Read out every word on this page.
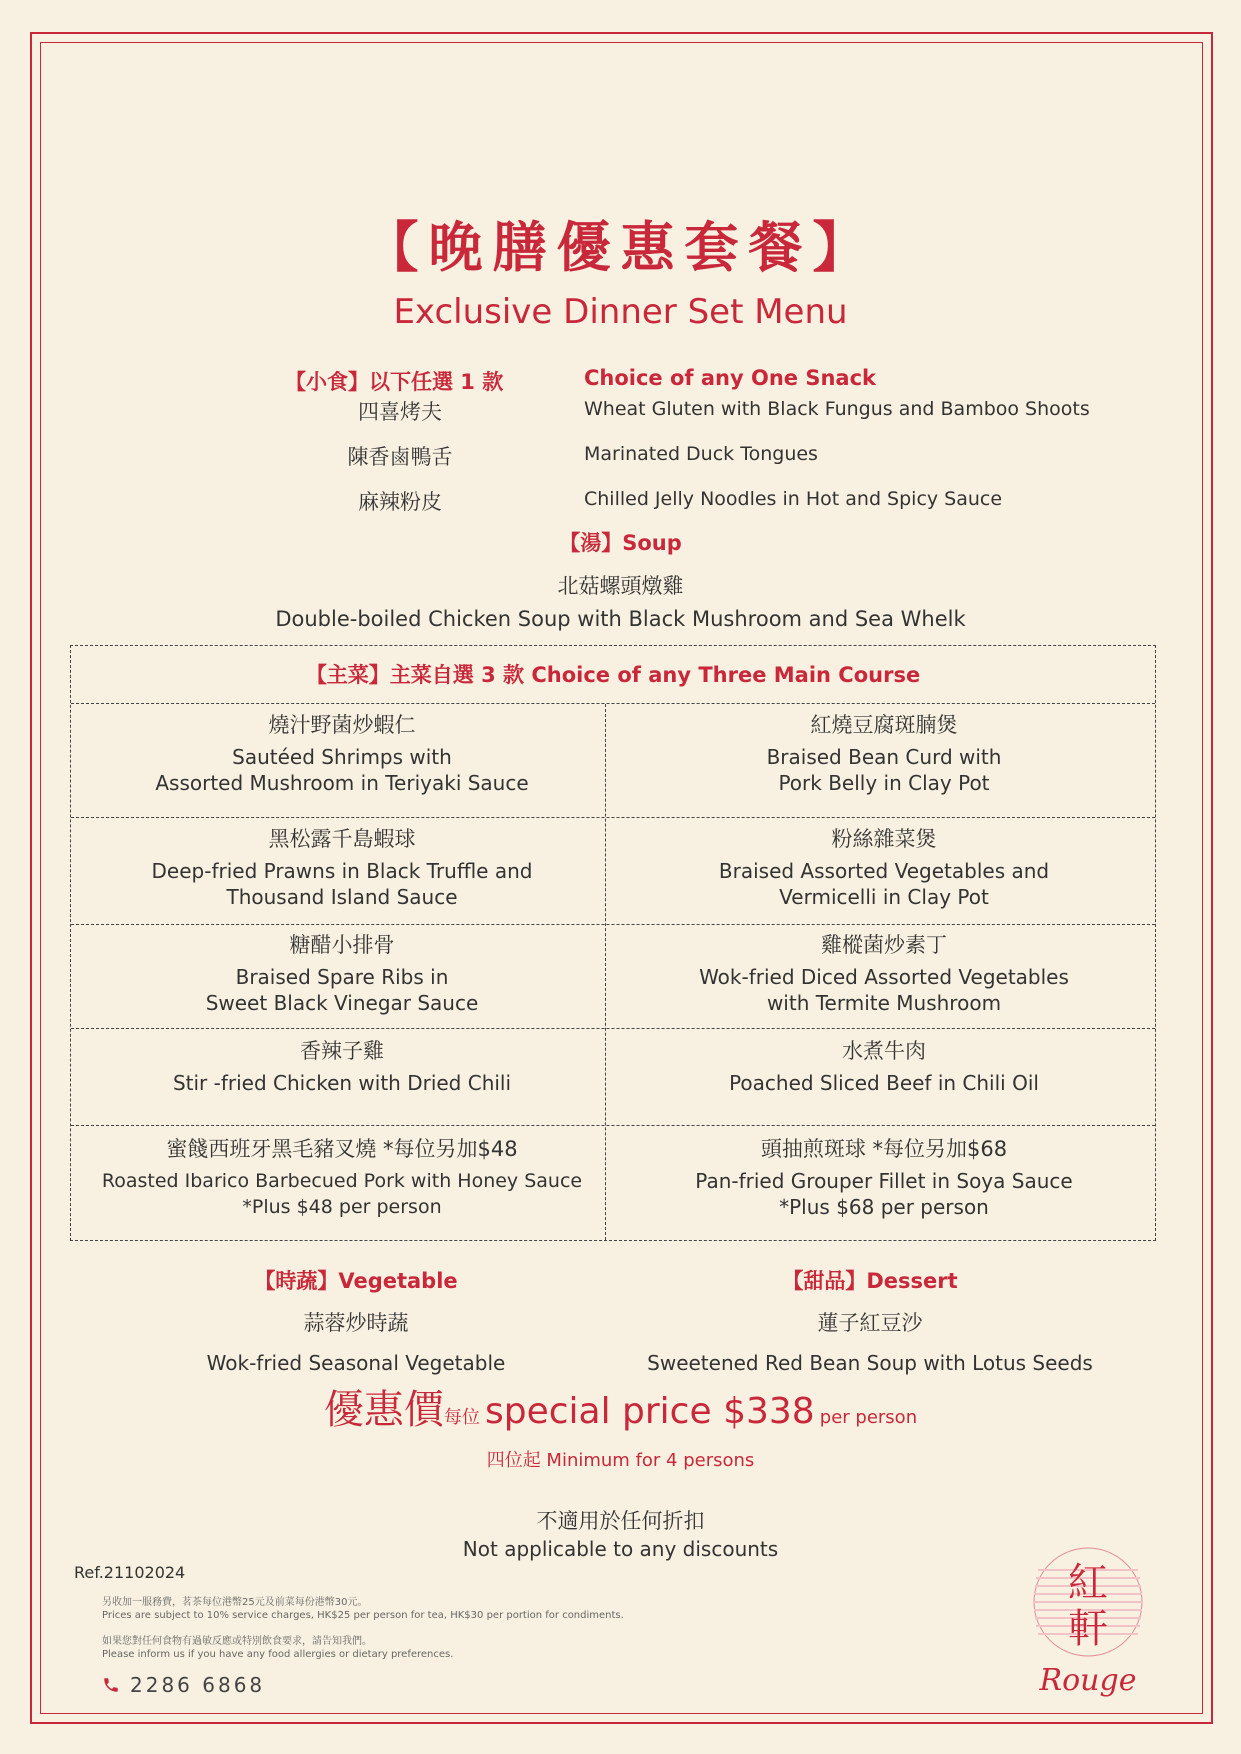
【晚膳優惠套餐】
Exclusive Dinner Set Menu
【小食】以下任選 1 款	Choice of any One Snack
四喜烤夫	Wheat Gluten with Black Fungus and Bamboo Shoots
陳香鹵鴨舌	Marinated Duck Tongues
麻辣粉皮	Chilled Jelly Noodles in Hot and Spicy Sauce
【湯】Soup
北菇螺頭燉雞
Double-boiled Chicken Soup with Black Mushroom and Sea Whelk
【主菜】主菜自選 3 款 Choice of any Three Main Course
燒汁野菌炒蝦仁
Sautéed Shrimps with
Assorted Mushroom in Teriyaki Sauce
紅燒豆腐斑腩煲
Braised Bean Curd with
Pork Belly in Clay Pot
黑松露千島蝦球
Deep-fried Prawns in Black Truffle and
Thousand Island Sauce
粉絲雜菜煲
Braised Assorted Vegetables and
Vermicelli in Clay Pot
糖醋小排骨
Braised Spare Ribs in
Sweet Black Vinegar Sauce
雞樅菌炒素丁
Wok-fried Diced Assorted Vegetables
with Termite Mushroom
香辣子雞
Stir -fried Chicken with Dried Chili
水煮牛肉
Poached Sliced Beef in Chili Oil
蜜餞西班牙黑毛豬叉燒 *每位另加$48
Roasted Ibarico Barbecued Pork with Honey Sauce
*Plus $48 per person
頭抽煎斑球 *每位另加$68
Pan-fried Grouper Fillet in Soya Sauce
*Plus $68 per person
【時蔬】Vegetable
蒜蓉炒時蔬
Wok-fried Seasonal Vegetable
【甜品】Dessert
蓮子紅豆沙
Sweetened Red Bean Soup with Lotus Seeds
優惠價每位 special price $338 per person
四位起 Minimum for 4 persons
不適用於任何折扣
Not applicable to any discounts
Ref.21102024
另收加一服務費，茗茶每位港幣25元及前菜每份港幣30元。
Prices are subject to 10% service charges, HK$25 per person for tea, HK$30 per portion for condiments.
如果您對任何食物有過敏反應或特別飲食要求，請告知我們。
Please inform us if you have any food allergies or dietary preferences.
2286 6868
紅
軒
Rouge
